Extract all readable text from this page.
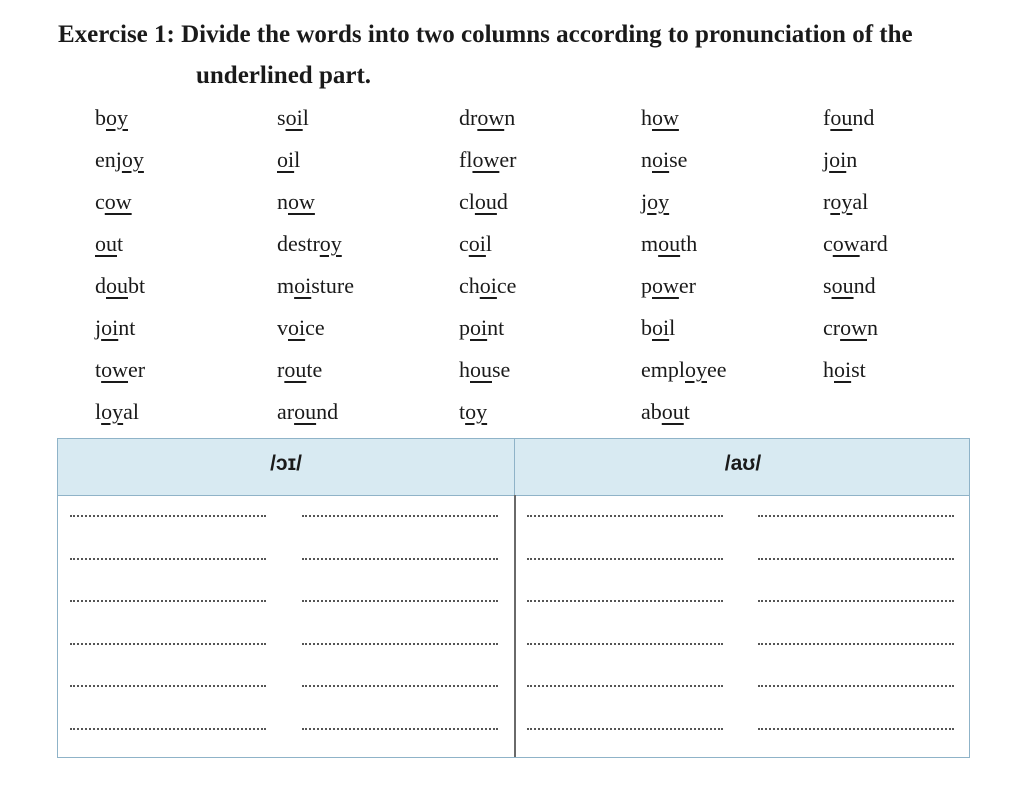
Exercise 1: Divide the words into two columns according to pronunciation of the
underlined part.
boy	soil	drown	how	found
enjoy	oil	flower	noise	join
cow	now	cloud	joy	royal
out	destroy	coil	mouth	coward
doubt	moisture	choice	power	sound
joint	voice	point	boil	crown
tower	route	house	employee	hoist
loyal	around	toy	about
/ɔɪ/	/aʊ/
